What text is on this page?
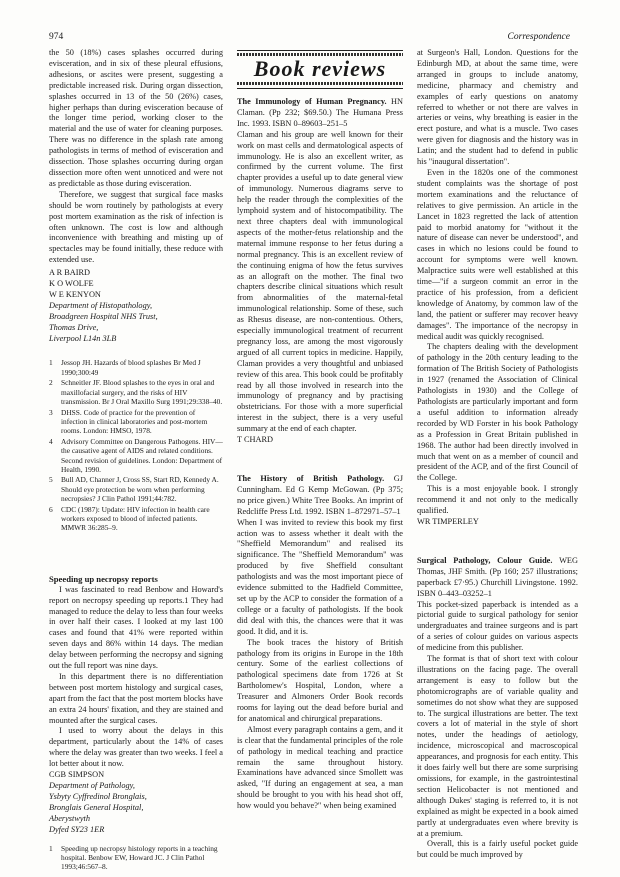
974	Correspondence

the 50 (18%) cases splashes occurred during evisceration, and in six of these pleural effusions, adhesions, or ascites were present, suggesting a predictable increased risk. During organ dissection, splashes occurred in 13 of the 50 (26%) cases, higher perhaps than during evisceration because of the longer time period, working closer to the material and the use of water for cleaning purposes. There was no difference in the splash rate among pathologists in terms of method of evisceration and dissection. Those splashes occurring during organ dissection more often went unnoticed and were not as predictable as those during evisceration.

Therefore, we suggest that surgical face masks should be worn routinely by pathologists at every post mortem examination as the risk of infection is often unknown. The cost is low and although inconvenience with breathing and misting up of spectacles may be found initially, these reduce with extended use.

A R BAIRD

K O WOLFE

W E KENYON

Department of Histopathology,

Broadgreen Hospital NHS Trust,

Thomas Drive,

Liverpool L14n 3LB

1	Jessop JH. Hazards of blood splashes Br Med J 1990;300:49
2	Schneitler JF. Blood splashes to the eyes in oral and maxillofacial surgery, and the risks of HIV transmission. Br J Oral Maxillo Surg 1991;29:338–40.
3	DHSS. Code of practice for the prevention of infection in clinical laboratories and post-mortem rooms. London: HMSO, 1978.
4	Advisory Committee on Dangerous Pathogens. HIV—the causative agent of AIDS and related conditions. Second revision of guidelines. London: Department of Health, 1990.
5	Bull AD, Channer J, Cross SS, Start RD, Kennedy A. Should eye protection be worn when performing necropsies? J Clin Pathol 1991;44:782.
6	CDC (1987): Update: HIV infection in health care workers exposed to blood of infected patients. MMWR 36:285–9.

Speeding up necropsy reports

I was fascinated to read Benbow and Howard's report on necropsy speeding up reports.1 They had managed to reduce the delay to less than four weeks in over half their cases. I looked at my last 100 cases and found that 41% were reported within seven days and 86% within 14 days. The median delay between performing the necropsy and signing out the full report was nine days.

In this department there is no differentiation between post mortem histology and surgical cases, apart from the fact that the post mortem blocks have an extra 24 hours' fixation, and they are stained and mounted after the surgical cases.

I used to worry about the delays in this department, particularly about the 14% of cases where the delay was greater than two weeks. I feel a lot better about it now.

CGB SIMPSON

Department of Pathology,

Ysbyty Cyffredinol Bronglais,

Bronglais General Hospital,

Aberystwyth

Dyfed SY23 1ER

1	Speeding up necropsy histology reports in a teaching hospital. Benbow EW, Howard JC. J Clin Pathol 1993;46:567–8.
Book reviews

The Immunology of Human Pregnancy. HN Claman. (Pp 232; $69.50.) The Humana Press Inc. 1993. ISBN 0–89603–251–5

Claman and his group are well known for their work on mast cells and dermatological aspects of immunology. He is also an excellent writer, as confirmed by the current volume. The first chapter provides a useful up to date general view of immunology. Numerous diagrams serve to help the reader through the complexities of the lymphoid system and of histocompatibility. The next three chapters deal with immunological aspects of the mother-fetus relationship and the maternal immune response to her fetus during a normal pregnancy. This is an excellent review of the continuing enigma of how the fetus survives as an allograft on the mother. The final two chapters describe clinical situations which result from abnormalities of the maternal-fetal immunological relationship. Some of these, such as Rhesus disease, are non-contentious. Others, especially immunological treatment of recurrent pregnancy loss, are among the most vigorously argued of all current topics in medicine. Happily, Claman provides a very thoughtful and unbiased review of this area. This book could be profitably read by all those involved in research into the immunology of pregnancy and by practising obstetricians. For those with a more superficial interest in the subject, there is a very useful summary at the end of each chapter.

T CHARD

The History of British Pathology. GJ Cunningham. Ed G Kemp McGowan. (Pp 375; no price given.) White Tree Books. An imprint of Redcliffe Press Ltd. 1992. ISBN 1–872971–57–1

When I was invited to review this book my first action was to assess whether it dealt with the "Sheffield Memorandum" and realised its significance. The "Sheffield Memorandum" was produced by five Sheffield consultant pathologists and was the most important piece of evidence submitted to the Hadfield Committee, set up by the ACP to consider the formation of a college or a faculty of pathologists. If the book did deal with this, the chances were that it was good. It did, and it is.

The book traces the history of British pathology from its origins in Europe in the 18th century. Some of the earliest collections of pathological specimens date from 1726 at St Bartholomew's Hospital, London, where a Treasurer and Almoners Order Book records rooms for laying out the dead before burial and for anatomical and chirurgical preparations.

Almost every paragraph contains a gem, and it is clear that the fundamental principles of the role of pathology in medical teaching and practice remain the same throughout history. Examinations have advanced since Smollett was asked, "If during an engagement at sea, a man should be brought to you with his head shot off, how would you behave?" when being examined

at Surgeon's Hall, London. Questions for the Edinburgh MD, at about the same time, were arranged in groups to include anatomy, medicine, pharmacy and chemistry and examples of early questions on anatomy referred to whether or not there are valves in arteries or veins, why breathing is easier in the erect posture, and what is a muscle. Two cases were given for diagnosis and the history was in Latin; and the student had to defend in public his "inaugural dissertation".

Even in the 1820s one of the commonest student complaints was the shortage of post mortem examinations and the reluctance of relatives to give permission. An article in the Lancet in 1823 regretted the lack of attention paid to morbid anatomy for "without it the nature of disease can never be understood", and cases in which no lesions could be found to account for symptoms were well known. Malpractice suits were well established at this time—"if a surgeon commit an error in the practice of his profession, from a deficient knowledge of Anatomy, by common law of the land, the patient or sufferer may recover heavy damages". The importance of the necropsy in medical audit was quickly recognised.

The chapters dealing with the development of pathology in the 20th century leading to the formation of The British Society of Pathologists in 1927 (renamed the Association of Clinical Pathologists in 1930) and the College of Pathologists are particularly important and form a useful addition to information already recorded by WD Forster in his book Pathology as a Profession in Great Britain published in 1968. The author had been directly involved in much that went on as a member of council and president of the ACP, and of the first Council of the College.

This is a most enjoyable book. I strongly recommend it and not only to the medically qualified.

WR TIMPERLEY

Surgical Pathology, Colour Guide. WEG Thomas, JHF Smith. (Pp 160; 257 illustrations; paperback £7·95.) Churchill Livingstone. 1992. ISBN 0–443–03252–1

This pocket-sized paperback is intended as a pictorial guide to surgical pathology for senior undergraduates and trainee surgeons and is part of a series of colour guides on various aspects of medicine from this publisher.

The format is that of short text with colour illustrations on the facing page. The overall arrangement is easy to follow but the photomicrographs are of variable quality and sometimes do not show what they are supposed to. The surgical illustrations are better. The text covers a lot of material in the style of short notes, under the headings of aetiology, incidence, microscopical and macroscopical appearances, and prognosis for each entity. This it does fairly well but there are some surprising omissions, for example, in the gastrointestinal section Helicobacter is not mentioned and although Dukes' staging is referred to, it is not explained as might be expected in a book aimed partly at undergraduates even where brevity is at a premium.

Overall, this is a fairly useful pocket guide but could be much improved by
